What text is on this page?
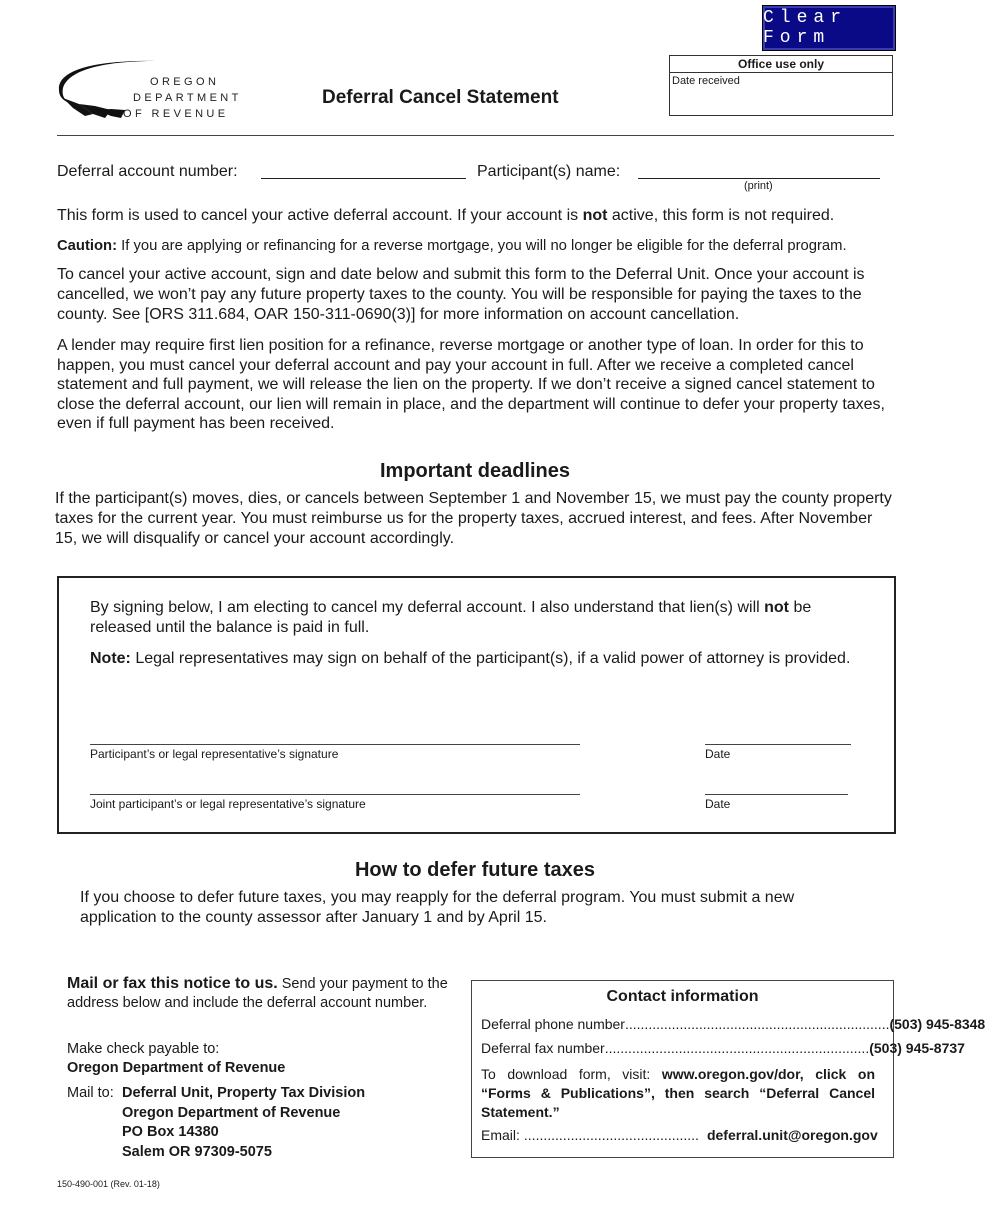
Clear Form
Office use only
Date received
OREGON
DEPARTMENT
OF REVENUE
Deferral Cancel Statement
Deferral account number:	Participant(s) name:
(print)

This form is used to cancel your active deferral account. If your account is not active, this form is not required.

Caution: If you are applying or refinancing for a reverse mortgage, you will no longer be eligible for the deferral program.

To cancel your active account, sign and date below and submit this form to the Deferral Unit. Once your account is cancelled, we won’t pay any future property taxes to the county. You will be responsible for paying the taxes to the county. See [ORS 311.684, OAR 150-311-0690(3)] for more information on account cancellation.

A lender may require first lien position for a refinance, reverse mortgage or another type of loan. In order for this to happen, you must cancel your deferral account and pay your account in full. After we receive a completed cancel statement and full payment, we will release the lien on the property. If we don’t receive a signed cancel statement to close the deferral account, our lien will remain in place, and the department will continue to defer your property taxes, even if full payment has been received.

Important deadlines

If the participant(s) moves, dies, or cancels between September 1 and November 15, we must pay the county property taxes for the current year. You must reimburse us for the property taxes, accrued interest, and fees. After November 15, we will disqualify or cancel your account accordingly.

By signing below, I am electing to cancel my deferral account. I also understand that lien(s) will not be released until the balance is paid in full.

Note: Legal representatives may sign on behalf of the participant(s), if a valid power of attorney is provided.

Participant’s or legal representative’s signature	Date
Joint participant’s or legal representative’s signature	Date
How to defer future taxes

If you choose to defer future taxes, you may reapply for the deferral program. You must submit a new application to the county assessor after January 1 and by April 15.

Mail or fax this notice to us. Send your payment to the address below and include the deferral account number.
Make check payable to:
Oregon Department of Revenue
Mail to: Deferral Unit, Property Tax Division
Oregon Department of Revenue
PO Box 14380
Salem OR 97309-5075
Contact information
Deferral phone number .................................................................... (503) 945-8348
Deferral fax number .................................................................... (503) 945-8737
To download form, visit: www.oregon.gov/dor, click on “Forms & Publications”, then search “Deferral Cancel Statement.”
Email: ............................................. deferral.unit@oregon.gov
150-490-001 (Rev. 01-18)
